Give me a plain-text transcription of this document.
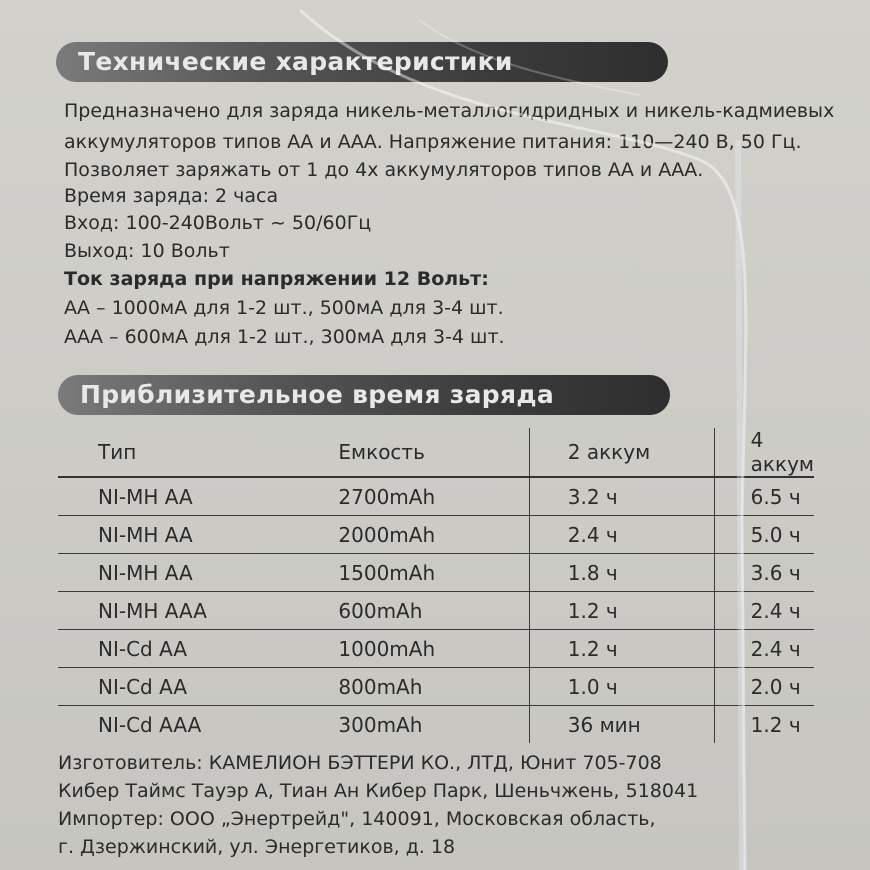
Технические характеристики
Предназначено для заряда никель-металлогидридных и никель-кадмиевых
аккумуляторов типов АА и ААА. Напряжение питания: 110—240 В, 50 Гц.
Позволяет заряжать от 1 до 4х аккумуляторов типов АА и ААА.
Время заряда: 2 часа
Вход: 100-240Вольт ~ 50/60Гц
Выход: 10 Вольт
Ток заряда при напряжении 12 Вольт:
АА – 1000мА для 1-2 шт., 500мА для 3-4 шт.
ААА – 600мА для 1-2 шт., 300мА для 3-4 шт.
Приблизительное время заряда
Тип	Емкость	2 аккум	4 аккум
NI-MH AA	2700mAh	3.2 ч	6.5 ч
NI-MH AA	2000mAh	2.4 ч	5.0 ч
NI-MH AA	1500mAh	1.8 ч	3.6 ч
NI-MH AAA	600mAh	1.2 ч	2.4 ч
NI-Cd AA	1000mAh	1.2 ч	2.4 ч
NI-Cd AA	800mAh	1.0 ч	2.0 ч
NI-Cd AAA	300mAh	36 мин	1.2 ч
Изготовитель: КАМЕЛИОН БЭТТЕРИ КО., ЛТД, Юнит 705-708
Кибер Таймс Тауэр А, Тиан Ан Кибер Парк, Шеньчжень, 518041
Импортер: ООО „Энертрейд", 140091, Московская область,
г. Дзержинский, ул. Энергетиков, д. 18
